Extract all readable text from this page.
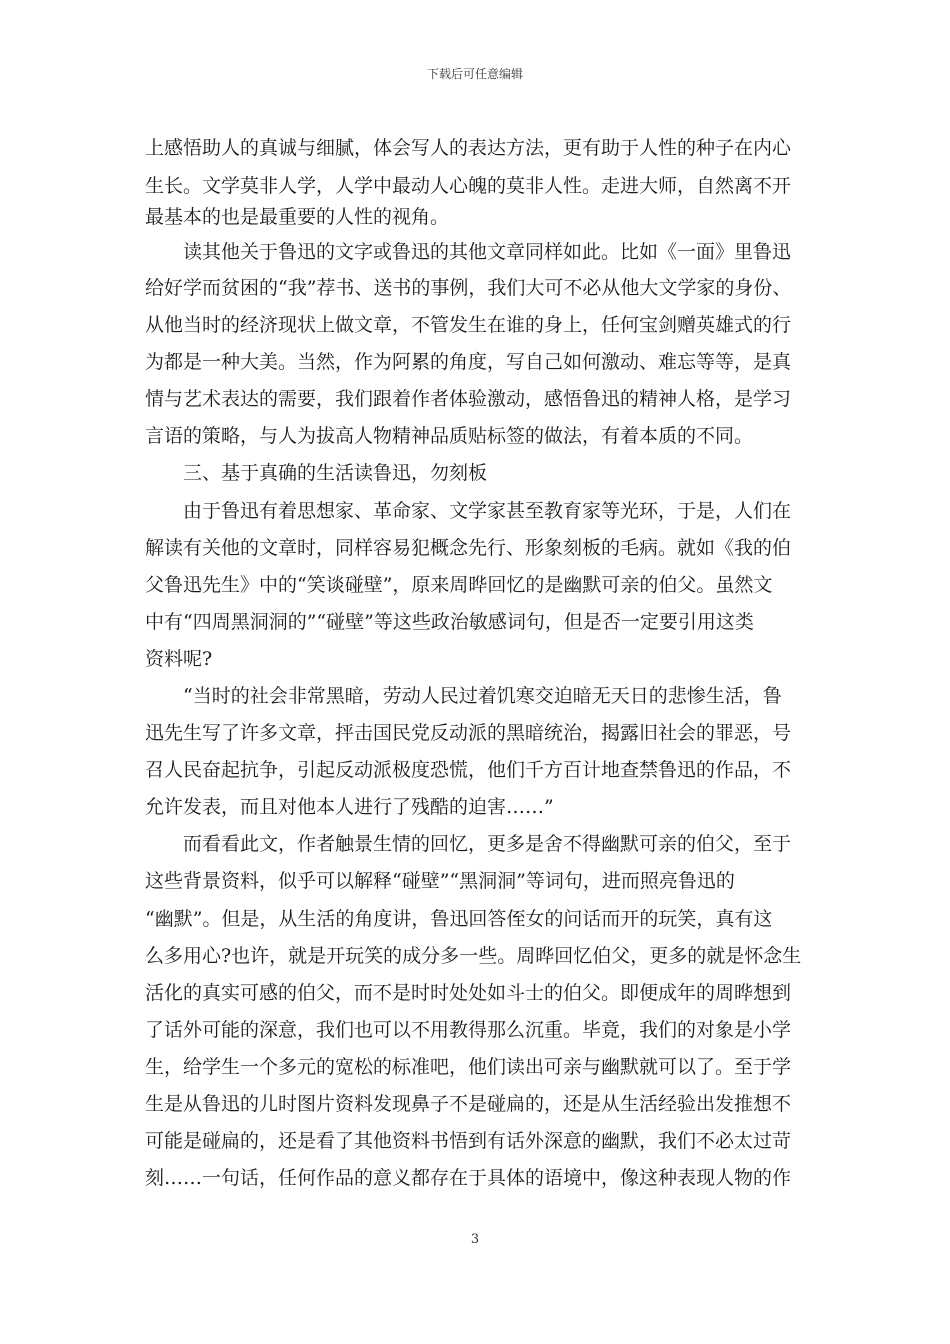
下载后可任意编辑
上感悟助人的真诚与细腻，体会写人的表达方法，更有助于人性的种子在内心
生长。文学莫非人学，人学中最动人心魄的莫非人性。走进大师，自然离不开
最基本的也是最重要的人性的视角。
　　读其他关于鲁迅的文字或鲁迅的其他文章同样如此。比如《一面》里鲁迅
给好学而贫困的“我”荐书、送书的事例，我们大可不必从他大文学家的身份、
从他当时的经济现状上做文章，不管发生在谁的身上，任何宝剑赠英雄式的行
为都是一种大美。当然，作为阿累的角度，写自己如何激动、难忘等等，是真
情与艺术表达的需要，我们跟着作者体验激动，感悟鲁迅的精神人格，是学习
言语的策略，与人为拔高人物精神品质贴标签的做法，有着本质的不同。
　　三、基于真确的生活读鲁迅，勿刻板
　　由于鲁迅有着思想家、革命家、文学家甚至教育家等光环，于是，人们在
解读有关他的文章时，同样容易犯概念先行、形象刻板的毛病。就如《我的伯
父鲁迅先生》中的“笑谈碰壁”，原来周晔回忆的是幽默可亲的伯父。虽然文
中有“四周黑洞洞的”“碰壁”等这些政治敏感词句，但是否一定要引用这类
资料呢?
　　“当时的社会非常黑暗，劳动人民过着饥寒交迫暗无天日的悲惨生活，鲁
迅先生写了许多文章，抨击国民党反动派的黑暗统治，揭露旧社会的罪恶，号
召人民奋起抗争，引起反动派极度恐慌，他们千方百计地查禁鲁迅的作品，不
允许发表，而且对他本人进行了残酷的迫害……”
　　而看看此文，作者触景生情的回忆，更多是舍不得幽默可亲的伯父，至于
这些背景资料，似乎可以解释“碰壁”“黑洞洞”等词句，进而照亮鲁迅的
“幽默”。但是，从生活的角度讲，鲁迅回答侄女的问话而开的玩笑，真有这
么多用心?也许，就是开玩笑的成分多一些。周晔回忆伯父，更多的就是怀念生
活化的真实可感的伯父，而不是时时处处如斗士的伯父。即便成年的周晔想到
了话外可能的深意，我们也可以不用教得那么沉重。毕竟，我们的对象是小学
生，给学生一个多元的宽松的标准吧，他们读出可亲与幽默就可以了。至于学
生是从鲁迅的儿时图片资料发现鼻子不是碰扁的，还是从生活经验出发推想不
可能是碰扁的，还是看了其他资料书悟到有话外深意的幽默，我们不必太过苛
刻……一句话，任何作品的意义都存在于具体的语境中，像这种表现人物的作
3
